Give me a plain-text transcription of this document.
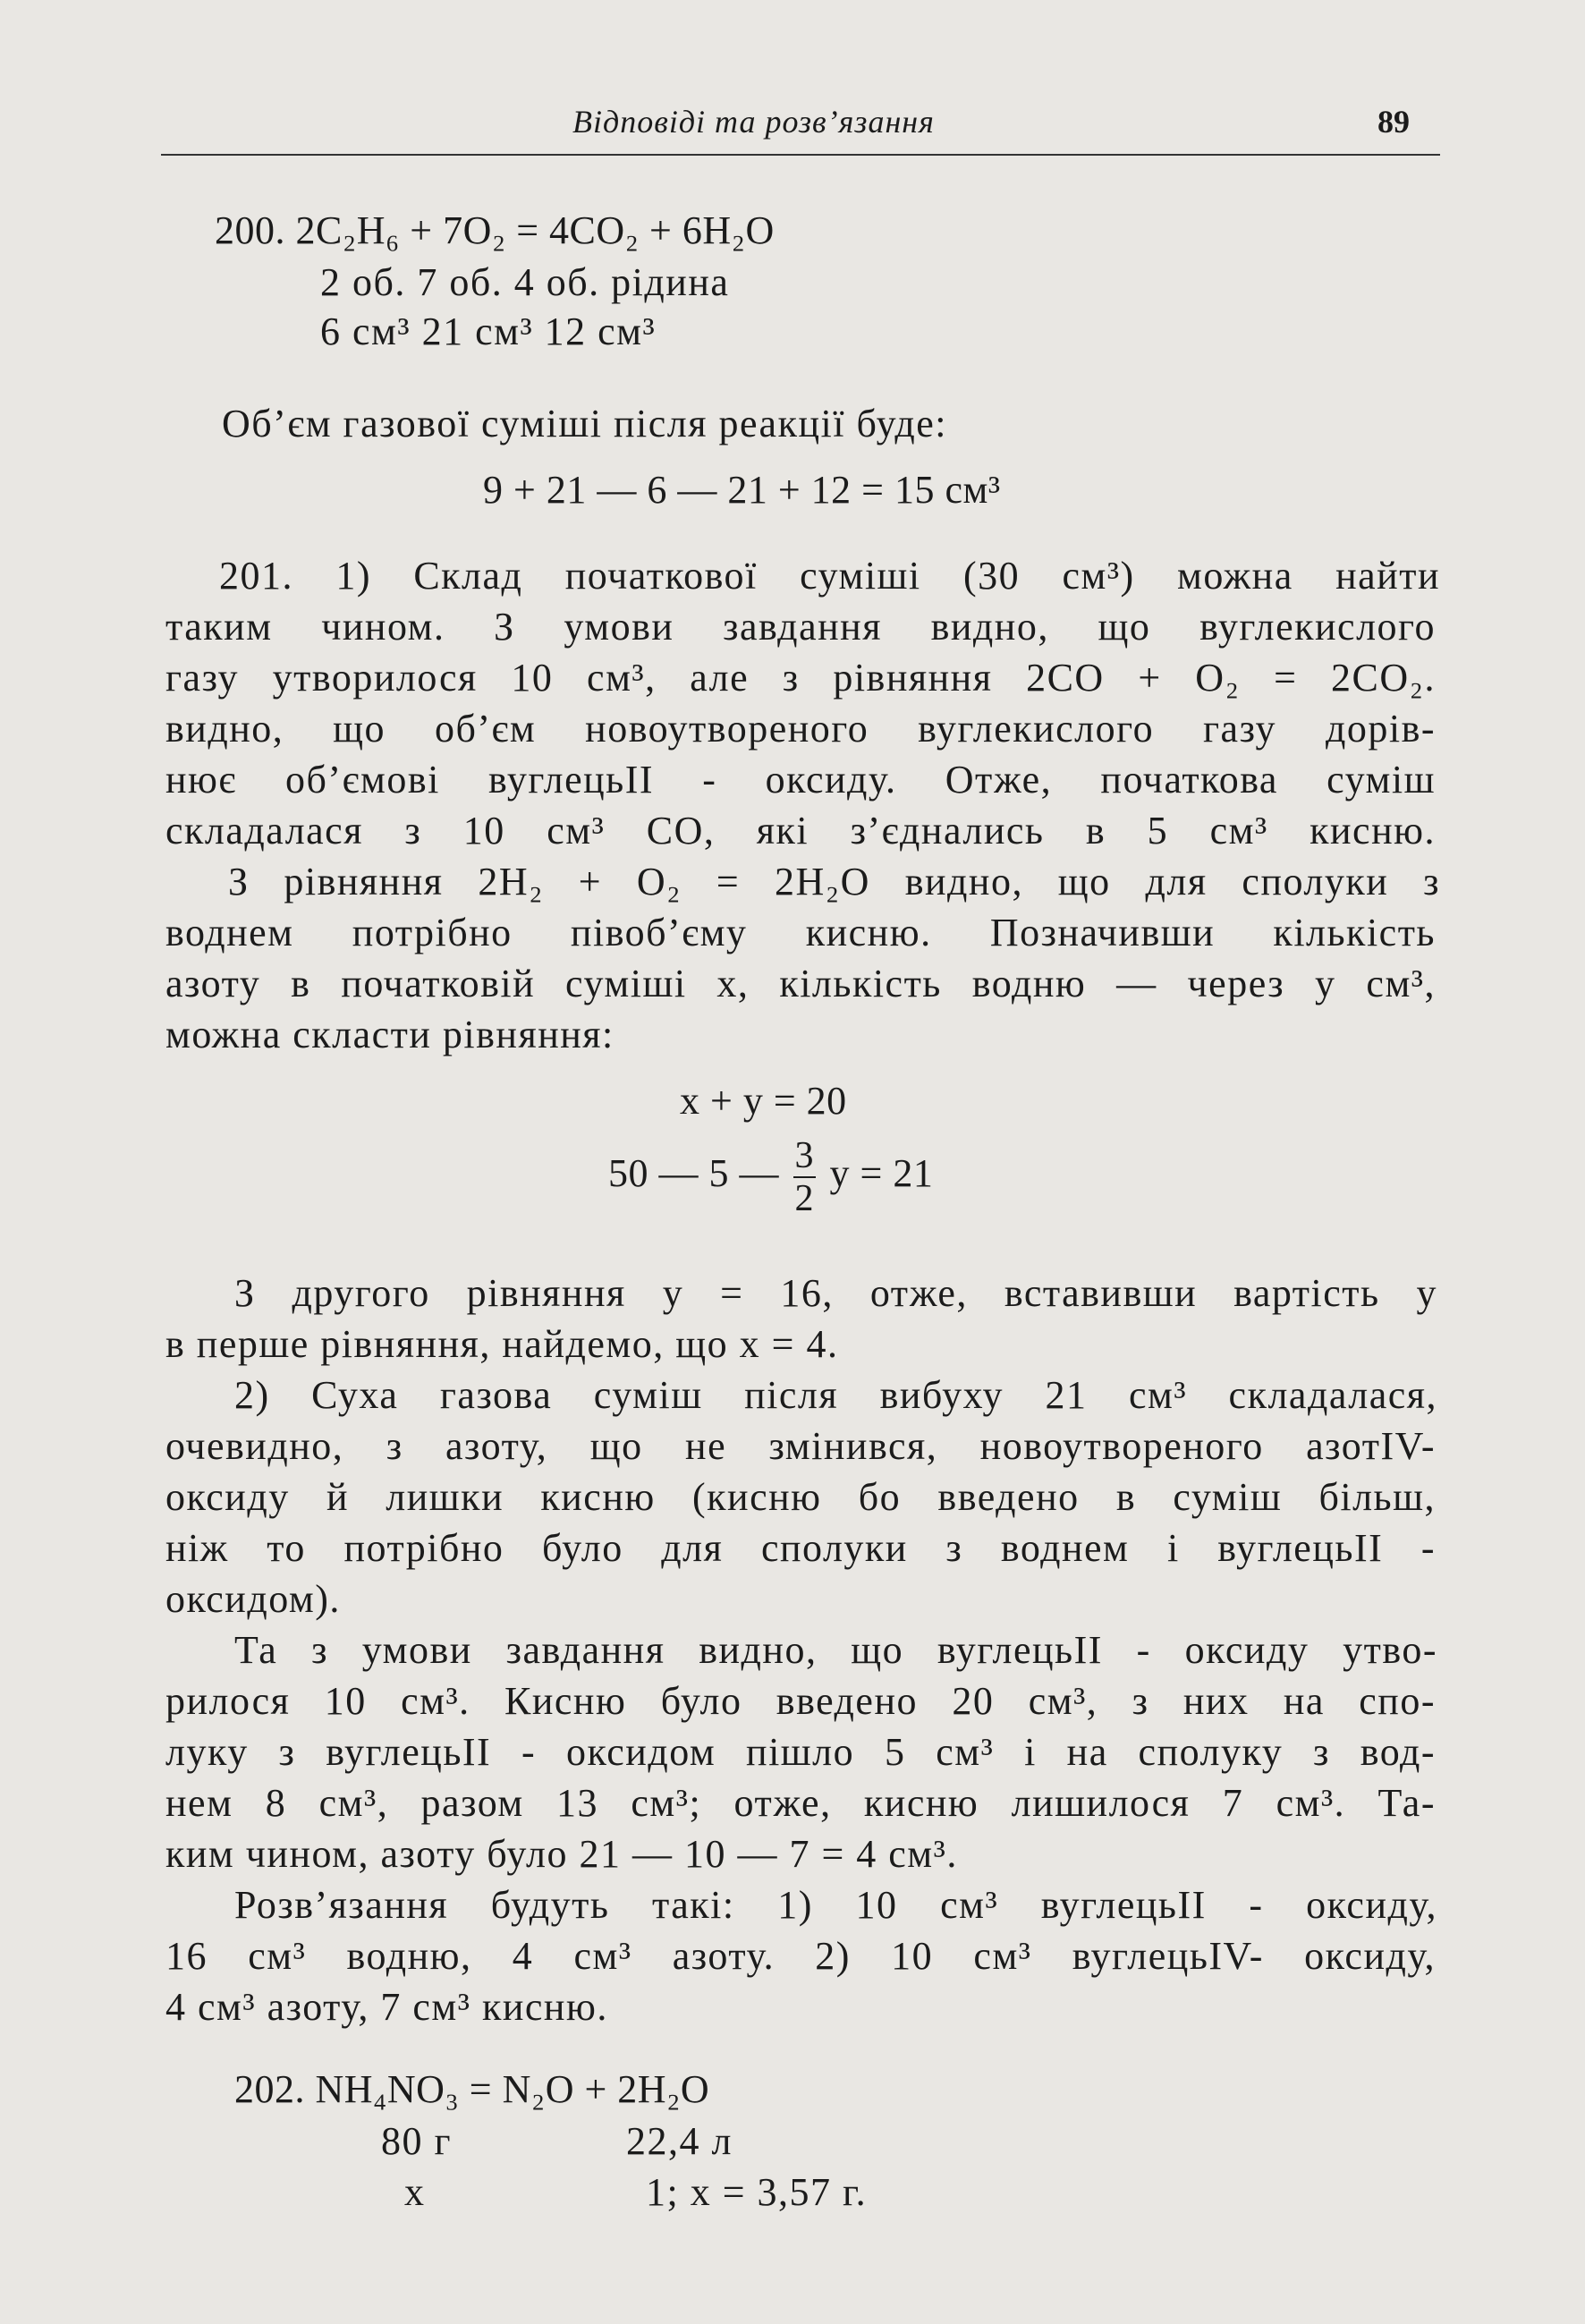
Відповіді та розв’язання	89
200. 2C₂H₆ + 7O₂ = 4CO₂ + 6H₂O
2 об. 7 об. 4 об. рідина
6 см³ 21 см³ 12 см³
Об’єм газової суміші після реакції буде:
9 + 21 — 6 — 21 + 12 = 15 см³
201. 1) Склад початкової суміші (30 см³) можна найти
таким чином. З умови завдання видно, що вуглекислого
газу утворилося 10 см³, але з рівняння 2CO + O₂ = 2CO₂.
видно, що об’єм новоутвореного вуглекислого газу дорів-
нює об’ємові вуглецьII - оксиду. Отже, початкова суміш
складалася з 10 см³ CO, які з’єднались в 5 см³ кисню.
З рівняння 2H₂ + O₂ = 2H₂O видно, що для сполуки з
воднем потрібно півоб’єму кисню. Позначивши кількість
азоту в початковій суміші x, кількість водню — через y см³,
можна скласти рівняння:
x + y = 20
50 — 5 — $\frac{3}{2}$ y = 21
З другого рівняння y = 16, отже, вставивши вартість y
в перше рівняння, найдемо, що x = 4.
2) Суха газова суміш після вибуху 21 см³ складалася,
очевидно, з азоту, що не змінився, новоутвореного азотIV-
оксиду й лишки кисню (кисню бо введено в суміш більш,
ніж то потрібно було для сполуки з воднем і вуглецьII -
оксидом).
Та з умови завдання видно, що вуглецьII - оксиду утво-
рилося 10 см³. Кисню було введено 20 см³, з них на спо-
луку з вуглецьII - оксидом пішло 5 см³ і на сполуку з вод-
нем 8 см³, разом 13 см³; отже, кисню лишилося 7 см³. Та-
ким чином, азоту було 21 — 10 — 7 = 4 см³.
Розв’язання будуть такі: 1) 10 см³ вуглецьII - оксиду,
16 см³ водню, 4 см³ азоту. 2) 10 см³ вуглецьIV- оксиду,
4 см³ азоту, 7 см³ кисню.
202. NH₄NO₃ = N₂O + 2H₂O
80 г	22,4 л
x	1; x = 3,57 г.
